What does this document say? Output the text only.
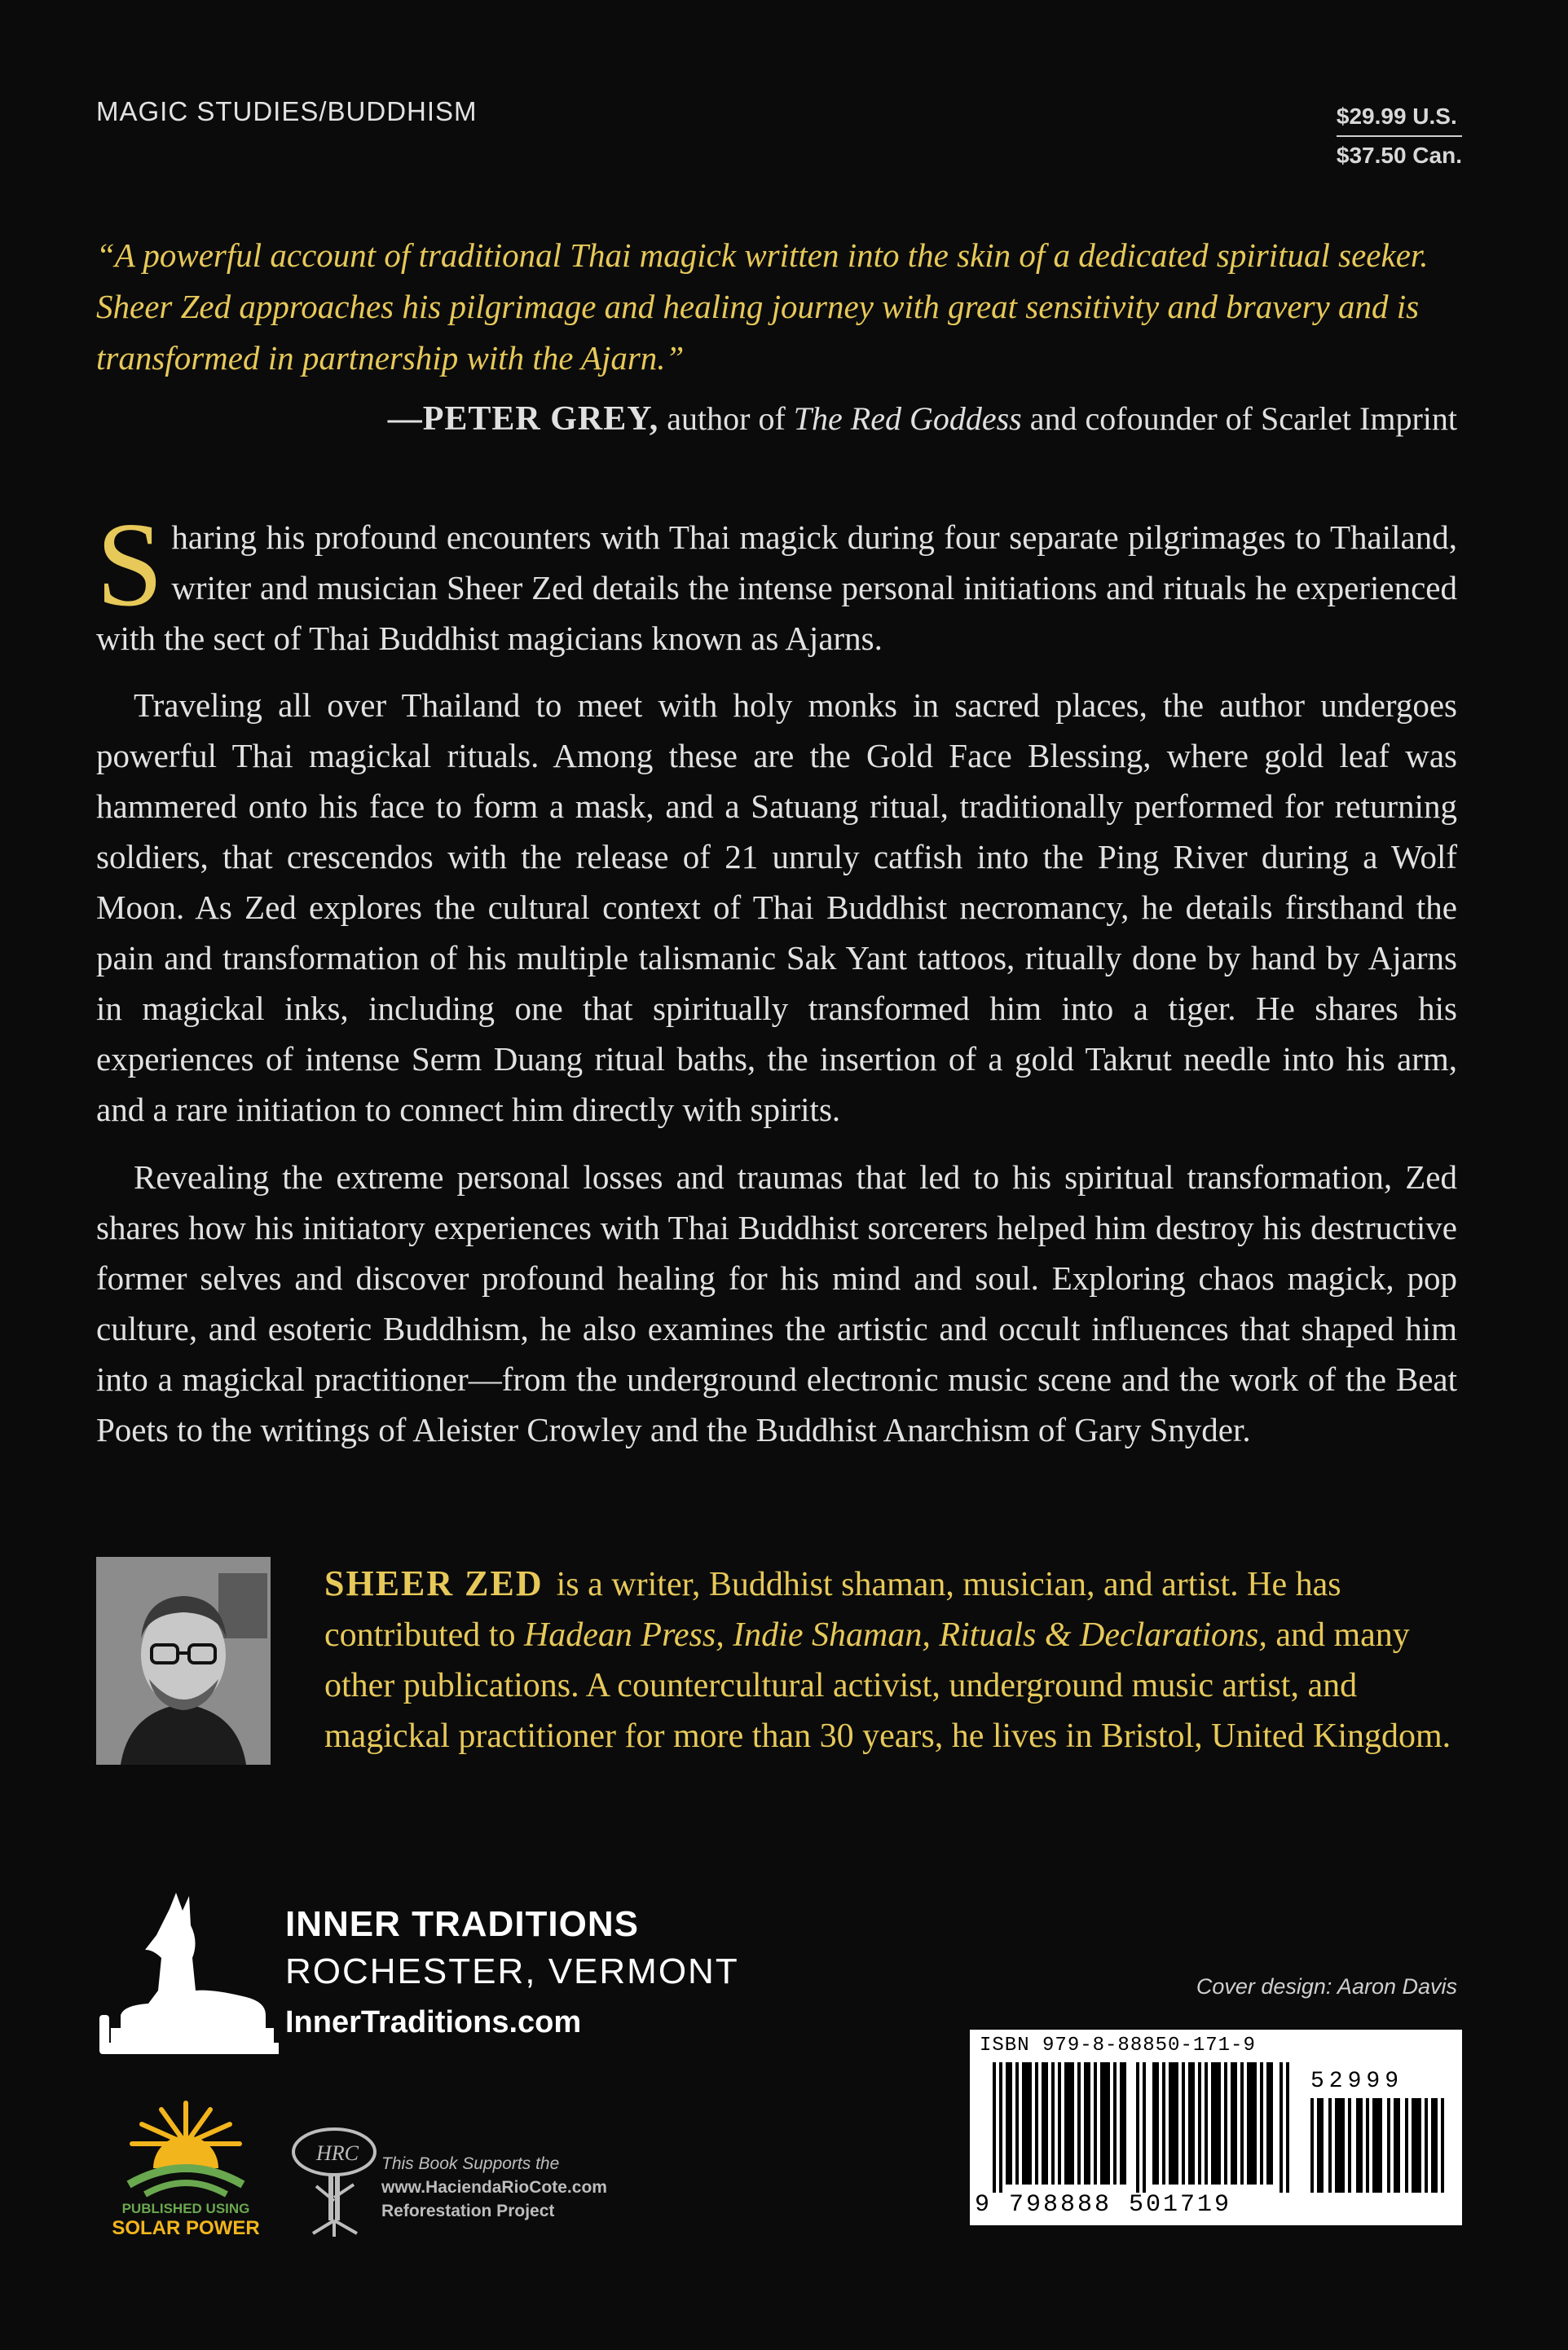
MAGIC STUDIES/BUDDHISM	$29.99 U.S.
$37.50 Can.
“A powerful account of traditional Thai magick written into the skin of a dedicated spiritual seeker. Sheer Zed approaches his pilgrimage and healing journey with great sensitivity and bravery and is transformed in partnership with the Ajarn.”
—PETER GREY, author of The Red Goddess and cofounder of Scarlet Imprint
Sharing his profound encounters with Thai magick during four separate pilgrimages to Thailand, writer and musician Sheer Zed details the intense personal initiations and rituals he experienced with the sect of Thai Buddhist magicians known as Ajarns.
Traveling all over Thailand to meet with holy monks in sacred places, the author undergoes powerful Thai magickal rituals. Among these are the Gold Face Blessing, where gold leaf was hammered onto his face to form a mask, and a Satuang ritual, traditionally performed for returning soldiers, that crescendos with the release of 21 unruly catfish into the Ping River during a Wolf Moon. As Zed explores the cultural context of Thai Buddhist necromancy, he details firsthand the pain and transformation of his multiple talismanic Sak Yant tattoos, ritually done by hand by Ajarns in magickal inks, including one that spiritually transformed him into a tiger. He shares his experiences of intense Serm Duang ritual baths, the insertion of a gold Takrut needle into his arm, and a rare initiation to connect him directly with spirits.
Revealing the extreme personal losses and traumas that led to his spiritual transformation, Zed shares how his initiatory experiences with Thai Buddhist sorcerers helped him destroy his destructive former selves and discover profound healing for his mind and soul. Exploring chaos magick, pop culture, and esoteric Buddhism, he also examines the artistic and occult influences that shaped him into a magickal practitioner—from the underground electronic music scene and the work of the Beat Poets to the writings of Aleister Crowley and the Buddhist Anarchism of Gary Snyder.
SHEER ZED is a writer, Buddhist shaman, musician, and artist. He has contributed to Hadean Press, Indie Shaman, Rituals & Declarations, and many other publications. A countercultural activist, underground music artist, and magickal practitioner for more than 30 years, he lives in Bristol, United Kingdom.
INNER TRADITIONS
ROCHESTER, VERMONT
InnerTraditions.com
Cover design: Aaron Davis
ISBN 979-8-88850-171-9
52999
9 798888 501719
PUBLISHED USING
SOLAR POWER
HRC This Book Supports the
www.HaciendaRioCote.com
Reforestation Project
